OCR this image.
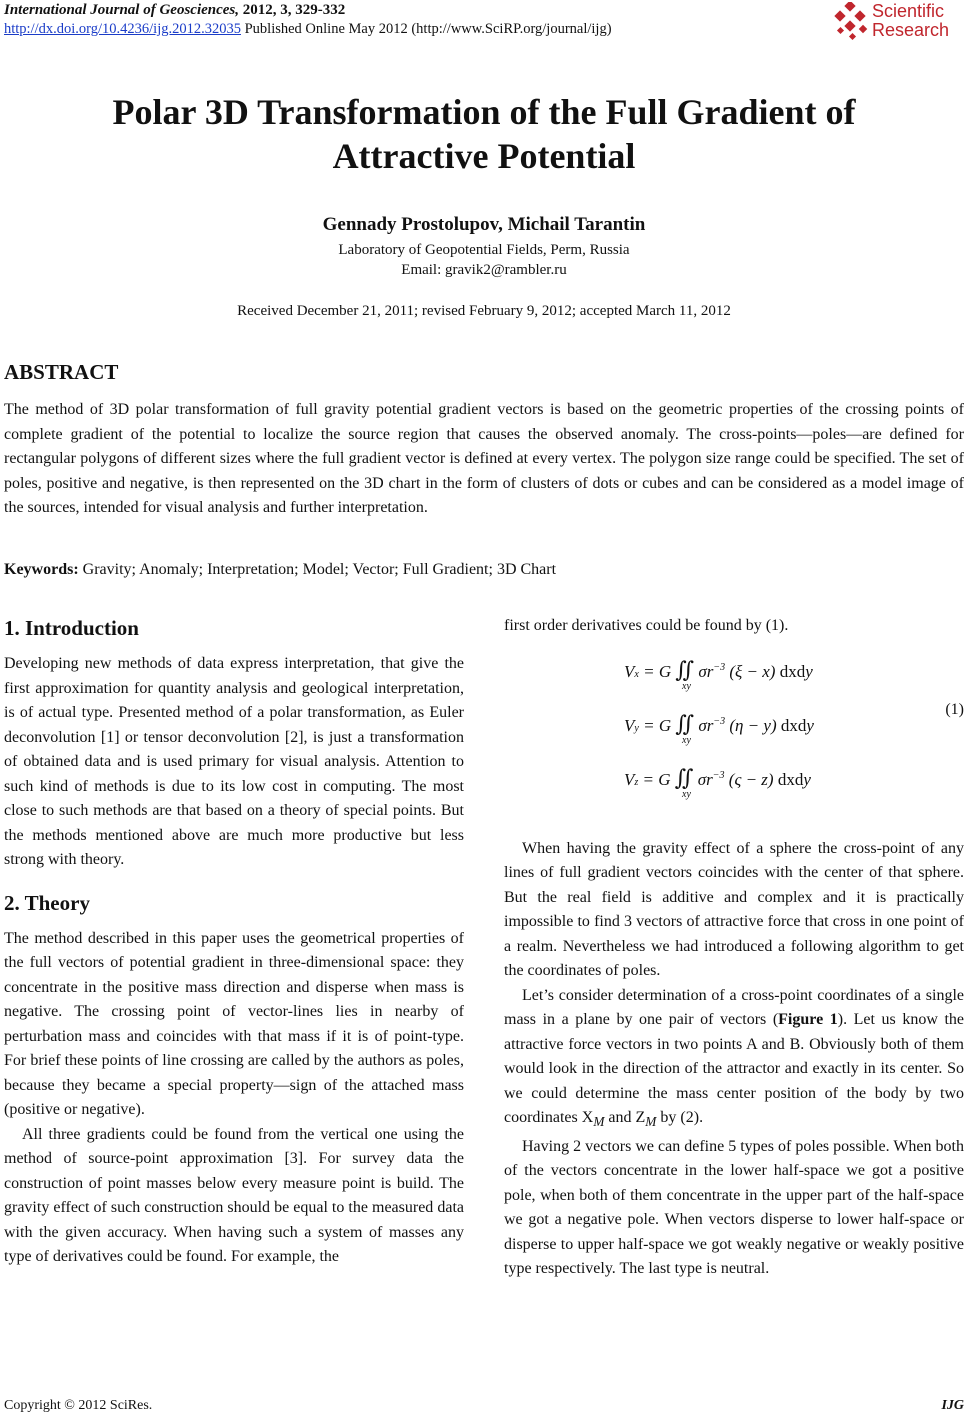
International Journal of Geosciences, 2012, 3, 329-332
http://dx.doi.org/10.4236/ijg.2012.32035 Published Online May 2012 (http://www.SciRP.org/journal/ijg)
Scientific
Research
Polar 3D Transformation of the Full Gradient of
Attractive Potential
Gennady Prostolupov, Michail Tarantin
Laboratory of Geopotential Fields, Perm, Russia
Email: gravik2@rambler.ru
Received December 21, 2011; revised February 9, 2012; accepted March 11, 2012
ABSTRACT

The method of 3D polar transformation of full gravity potential gradient vectors is based on the geometric properties of the crossing points of complete gradient of the potential to localize the source region that causes the observed anomaly. The cross-points—poles—are defined for rectangular polygons of different sizes where the full gradient vector is defined at every vertex. The polygon size range could be specified. The set of poles, positive and negative, is then represented on the 3D chart in the form of clusters of dots or cubes and can be considered as a model image of the sources, intended for visual analysis and further interpretation.

Keywords: Gravity; Anomaly; Interpretation; Model; Vector; Full Gradient; 3D Chart
1. Introduction

Developing new methods of data express interpretation, that give the first approximation for quantity analysis and geological interpretation, is of actual type. Presented method of a polar transformation, as Euler deconvolution [1] or tensor deconvolution [2], is just a transformation of obtained data and is used primary for visual analysis. Attention to such kind of methods is due to its low cost in computing. The most close to such methods are that based on a theory of special points. But the methods mentioned above are much more productive but less strong with theory.

2. Theory

The method described in this paper uses the geometrical properties of the full vectors of potential gradient in three-dimensional space: they concentrate in the positive mass direction and disperse when mass is negative. The crossing point of vector-lines lies in nearby of perturbation mass and coincides with that mass if it is of point-type. For brief these points of line crossing are called by the authors as poles, because they became a special property—sign of the attached mass (positive or negative).

All three gradients could be found from the vertical one using the method of source-point approximation [3]. For survey data the construction of point masses below every measure point is build. The gravity effect of such construction should be equal to the measured data with the given accuracy. When having such a system of masses any type of derivatives could be found. For example, the

first order derivatives could be found by (1).

Vx = G ∬ $\sigma r^{-3}$ (ξ − x) dxdy
xy
Vy = G ∬ $\sigma r^{-3}$ (η − y) dxdy
xy
Vz = G ∬ $\sigma r^{-3}$ (ς − z) dxdy
xy
(1)

When having the gravity effect of a sphere the cross-point of any lines of full gradient vectors coincides with the center of that sphere. But the real field is additive and complex and it is practically impossible to find 3 vectors of attractive force that cross in one point of a realm. Nevertheless we had introduced a following algorithm to get the coordinates of poles.

Let’s consider determination of a cross-point coordinates of a single mass in a plane by one pair of vectors (Figure 1). Let us know the attractive force vectors in two points A and B. Obviously both of them would look in the direction of the attractor and exactly in its center. So we could determine the mass center position of the body by two coordinates $X_M$ and $Z_M$ by (2).

Having 2 vectors we can define 5 types of poles possible. When both of the vectors concentrate in the lower half-space we got a positive pole, when both of them concentrate in the upper part of the half-space we got a negative pole. When vectors disperse to lower half-space or disperse to upper half-space we got weakly negative or weakly positive type respectively. The last type is neutral.

Copyright © 2012 SciRes.	IJG
